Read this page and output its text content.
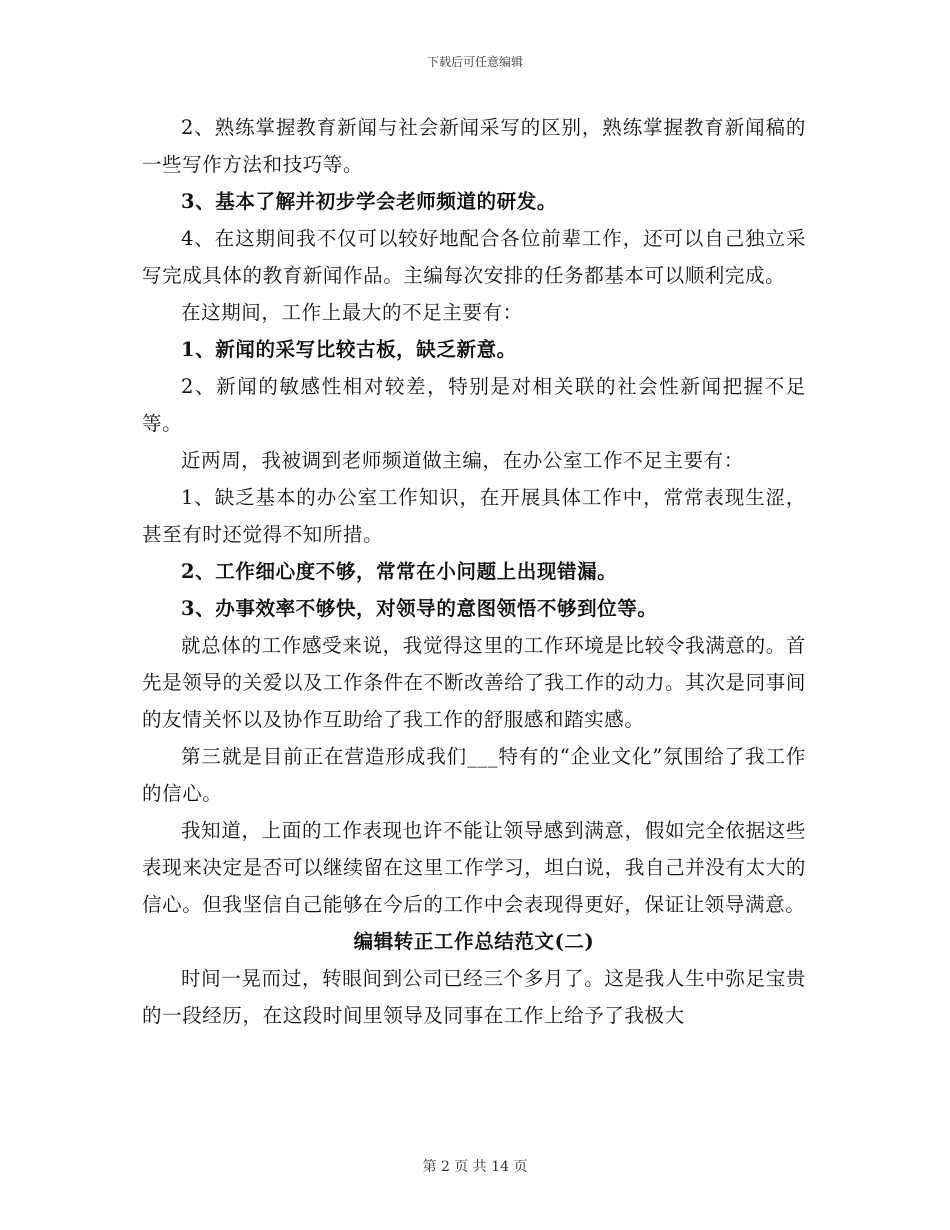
下载后可任意编辑

2、熟练掌握教育新闻与社会新闻采写的区别，熟练掌握教育新闻稿的一些写作方法和技巧等。

3、基本了解并初步学会老师频道的研发。

4、在这期间我不仅可以较好地配合各位前辈工作，还可以自己独立采写完成具体的教育新闻作品。主编每次安排的任务都基本可以顺利完成。

在这期间，工作上最大的不足主要有：

1、新闻的采写比较古板，缺乏新意。

2、新闻的敏感性相对较差，特别是对相关联的社会性新闻把握不足等。

近两周，我被调到老师频道做主编，在办公室工作不足主要有：

1、缺乏基本的办公室工作知识，在开展具体工作中，常常表现生涩，甚至有时还觉得不知所措。

2、工作细心度不够，常常在小问题上出现错漏。

3、办事效率不够快，对领导的意图领悟不够到位等。

就总体的工作感受来说，我觉得这里的工作环境是比较令我满意的。首先是领导的关爱以及工作条件在不断改善给了我工作的动力。其次是同事间的友情关怀以及协作互助给了我工作的舒服感和踏实感。

第三就是目前正在营造形成我们___特有的“企业文化”氛围给了我工作的信心。

我知道，上面的工作表现也许不能让领导感到满意，假如完全依据这些表现来决定是否可以继续留在这里工作学习，坦白说，我自己并没有太大的信心。但我坚信自己能够在今后的工作中会表现得更好，保证让领导满意。

编辑转正工作总结范文(二)

时间一晃而过，转眼间到公司已经三个多月了。这是我人生中弥足宝贵的一段经历，在这段时间里领导及同事在工作上给予了我极大

第 2 页 共 14 页
